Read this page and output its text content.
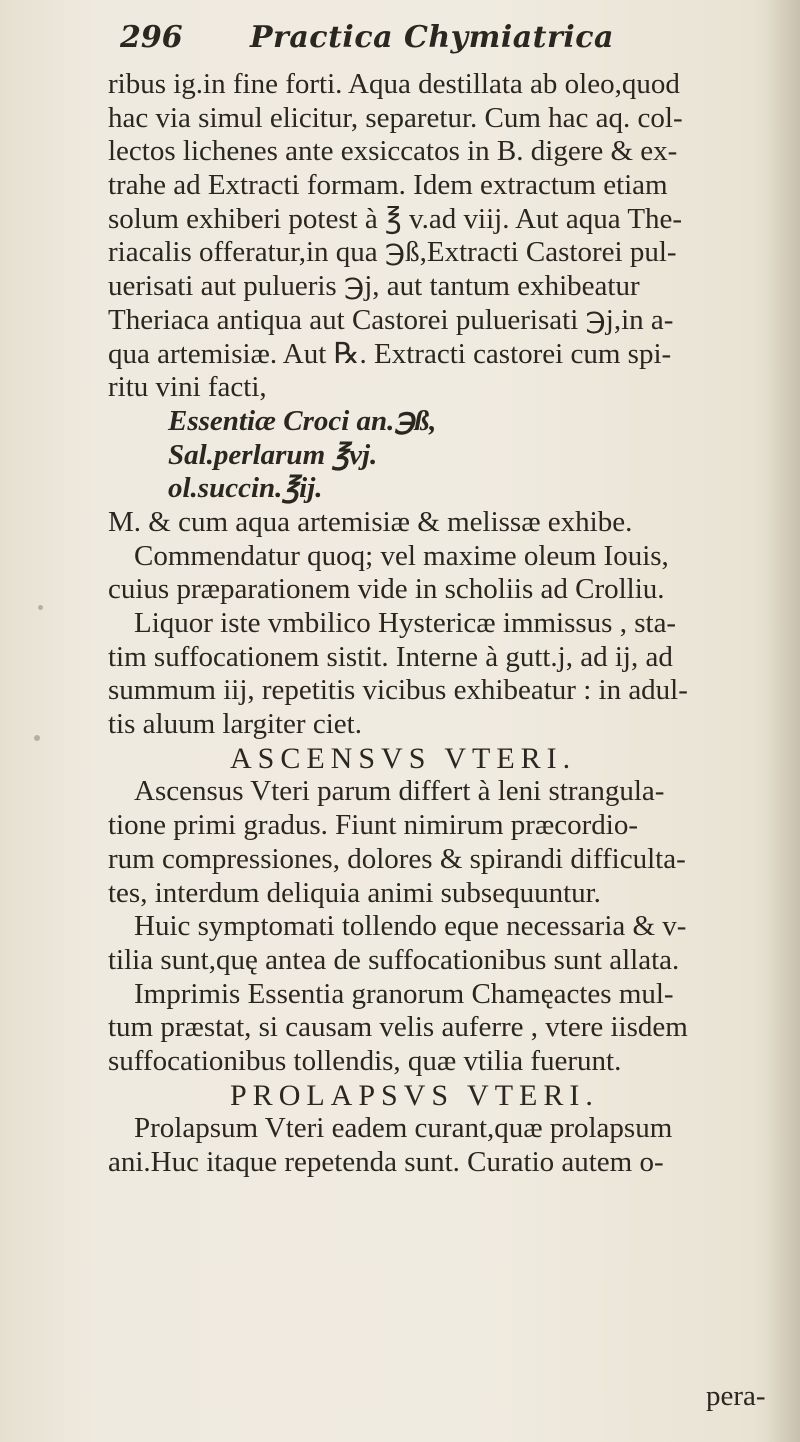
296 Practica Chymiatrica
ribus ig.in fine forti. Aqua destillata ab oleo,quod
hac via simul elicitur, separetur. Cum hac aq. col-
lectos lichenes ante exsiccatos in B. digere & ex-
trahe ad Extracti formam. Idem extractum etiam
solum exhiberi potest à ℥ v.ad viij. Aut aqua The-
riacalis offeratur,in qua ℈ß,Extracti Castorei pul-
uerisati aut pulueris ℈j, aut tantum exhibeatur
Theriaca antiqua aut Castorei puluerisati ℈j,in a-
qua artemisiæ. Aut ℞. Extracti castorei cum spi-
ritu vini facti,
Essentiæ Croci an.℈ß,
Sal.perlarum ℥vj.
ol.succin.℥ij.
M. & cum aqua artemisiæ & melissæ exhibe.
Commendatur quoq; vel maxime oleum Iouis,
cuius præparationem vide in scholiis ad Crolliu.
Liquor iste vmbilico Hystericæ immissus , sta-
tim suffocationem sistit. Interne à gutt.j, ad ij, ad
summum iij, repetitis vicibus exhibeatur : in adul-
tis aluum largiter ciet.
ASCENSVS VTERI.
Ascensus Vteri parum differt à leni strangula-
tione primi gradus. Fiunt nimirum præcordio-
rum compressiones, dolores & spirandi difficulta-
tes, interdum deliquia animi subsequuntur.
Huic symptomati tollendo eque necessaria & v-
tilia sunt,quę antea de suffocationibus sunt allata.
Imprimis Essentia granorum Chamęactes mul-
tum præstat, si causam velis auferre , vtere iisdem
suffocationibus tollendis, quæ vtilia fuerunt.
PROLAPSVS VTERI.
Prolapsum Vteri eadem curant,quæ prolapsum
ani.Huc itaque repetenda sunt. Curatio autem o-
pera-
